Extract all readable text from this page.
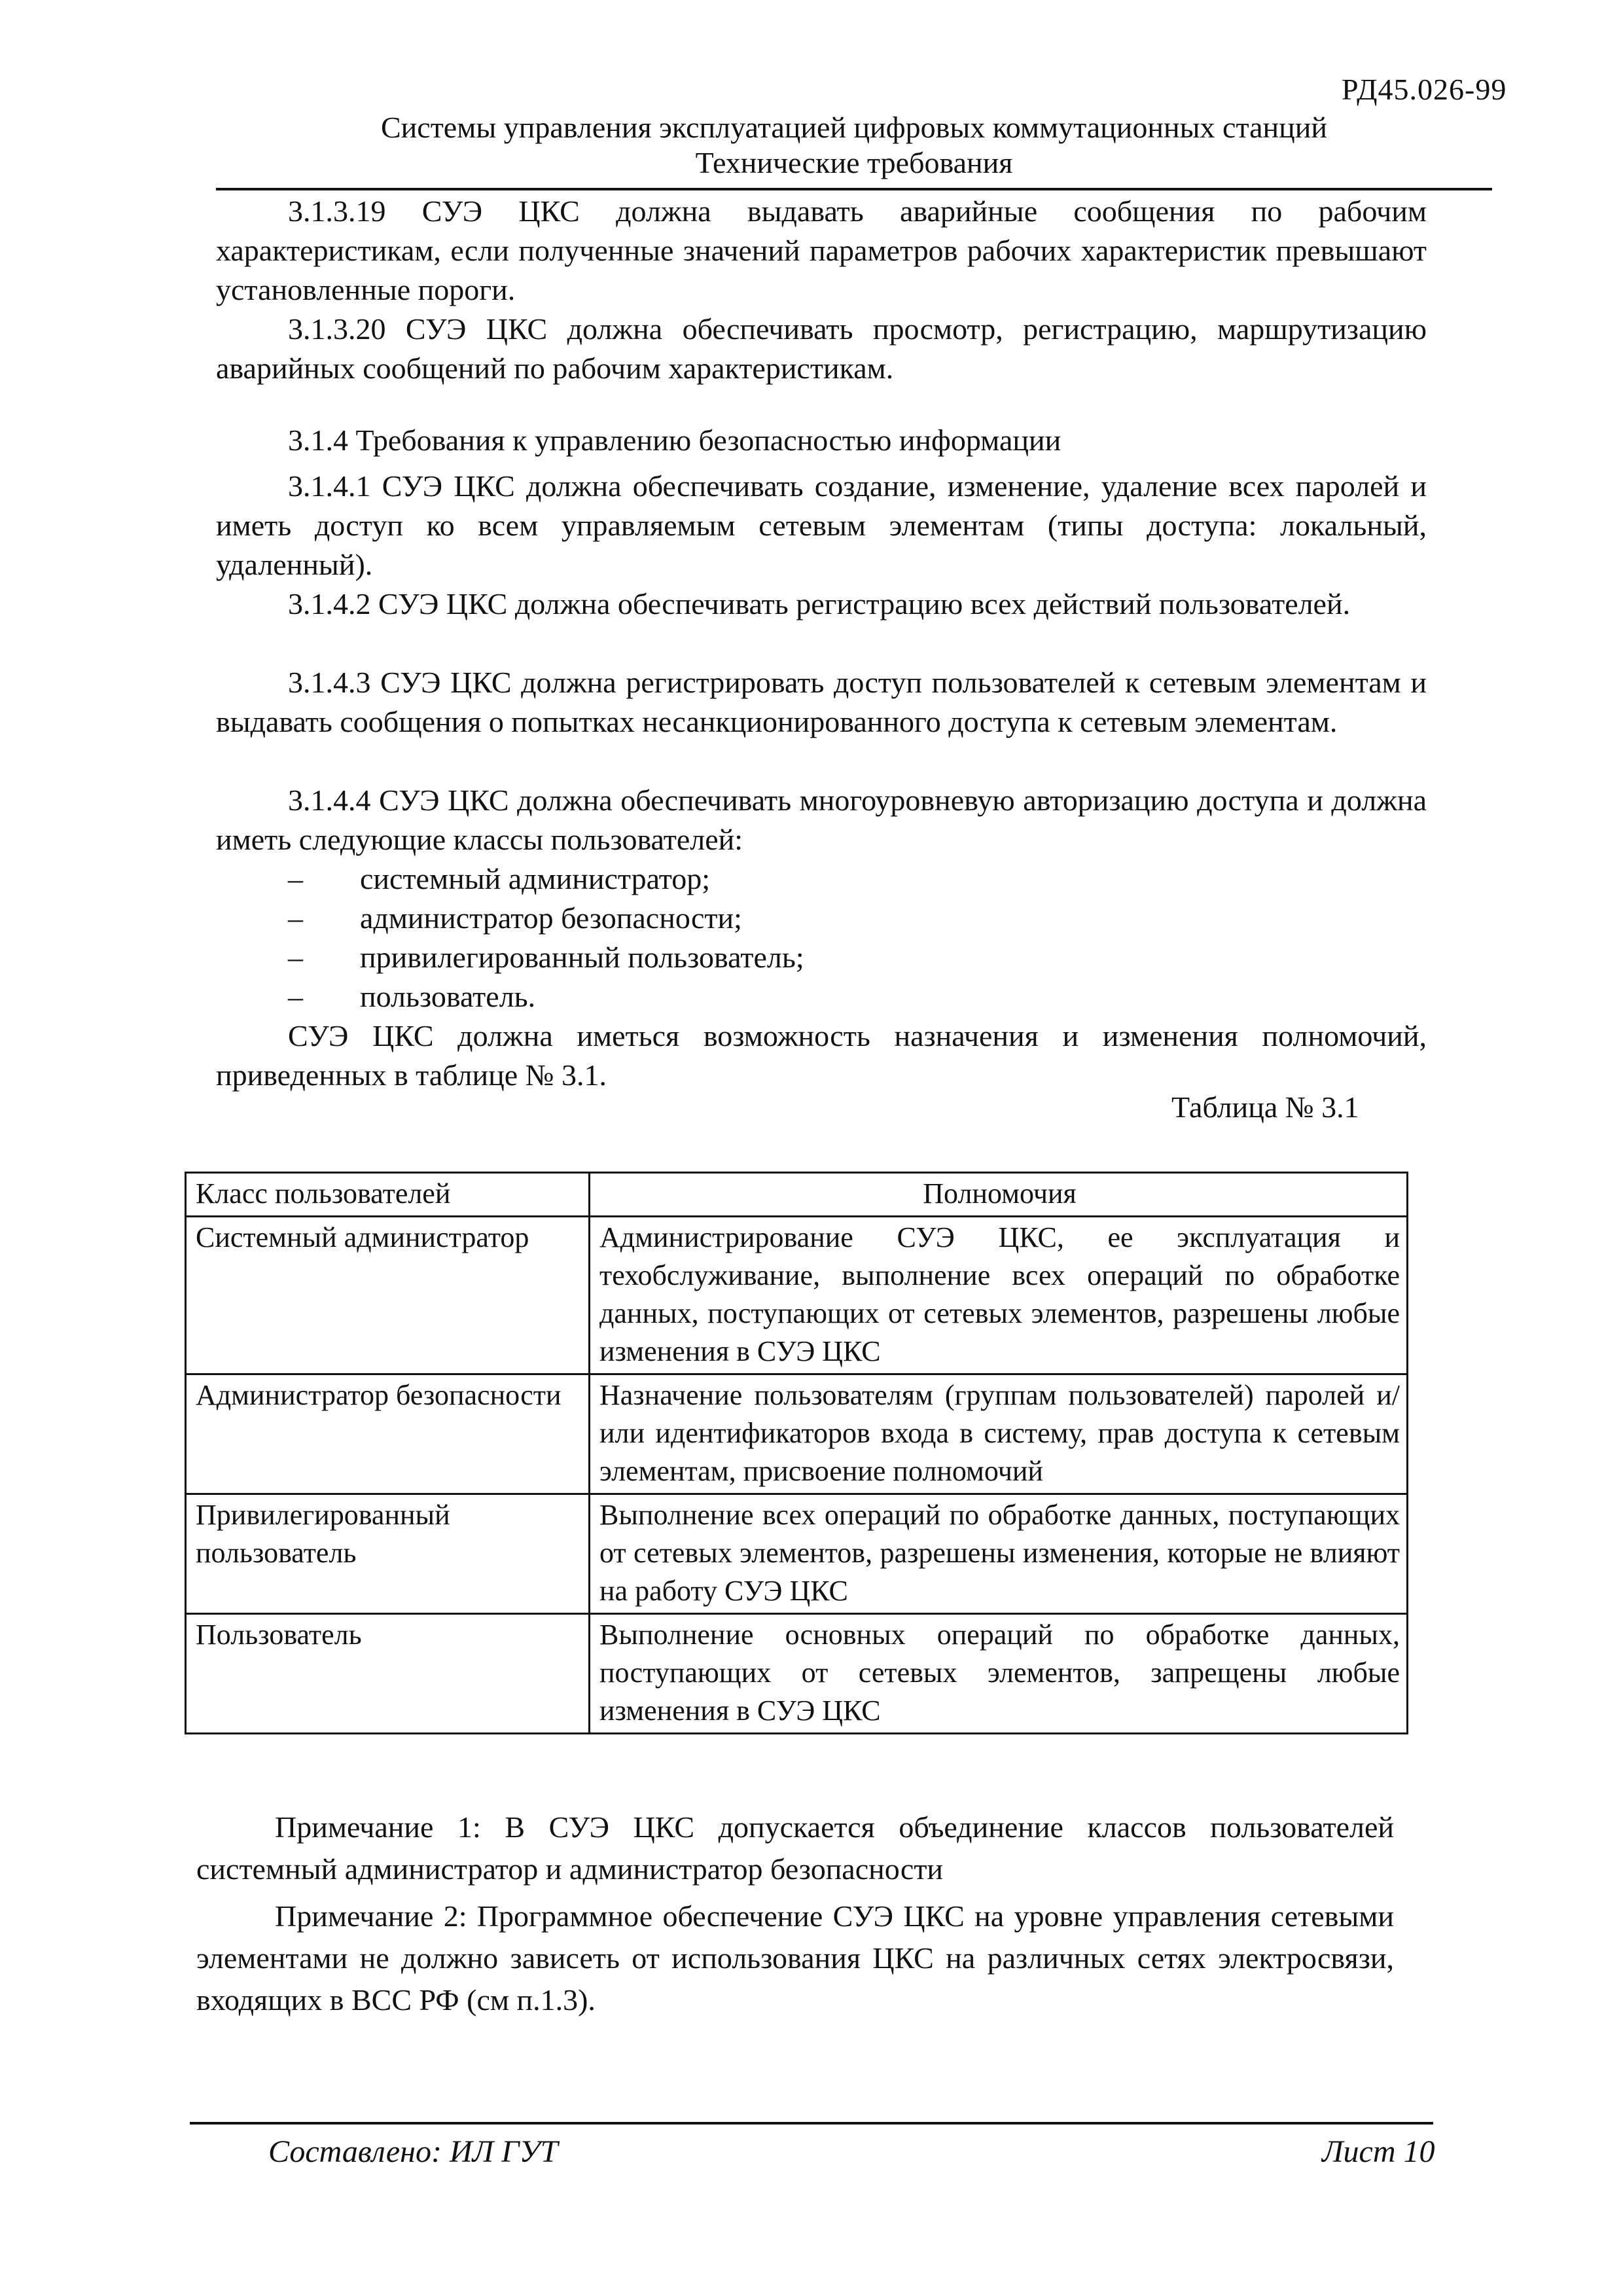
РД45.026-99
Системы управления эксплуатацией цифровых коммутационных станций
Технические требования
3.1.3.19 СУЭ ЦКС должна выдавать аварийные сообщения по рабочим характеристикам, если полученные значений параметров рабочих характеристик превышают установленные пороги.
3.1.3.20 СУЭ ЦКС должна обеспечивать просмотр, регистрацию, маршрутизацию аварийных сообщений по рабочим характеристикам.
3.1.4 Требования к управлению безопасностью информации
3.1.4.1 СУЭ ЦКС должна обеспечивать создание, изменение, удаление всех паролей и иметь доступ ко всем управляемым сетевым элементам (типы доступа: локальный, удаленный).
3.1.4.2 СУЭ ЦКС должна обеспечивать регистрацию всех действий пользователей.
3.1.4.3 СУЭ ЦКС должна регистрировать доступ пользователей к сетевым элементам и выдавать сообщения о попытках несанкционированного доступа к сетевым элементам.
3.1.4.4 СУЭ ЦКС должна обеспечивать многоуровневую авторизацию доступа и должна иметь следующие классы пользователей:
– системный администратор;
– администратор безопасности;
– привилегированный пользователь;
– пользователь.
СУЭ ЦКС должна иметься возможность назначения и изменения полномочий, приведенных в таблице № 3.1.
Таблица № 3.1
Класс пользователей	Полномочия
Системный администратор	Администрирование СУЭ ЦКС, ее эксплуатация и техобслуживание, выполнение всех операций по обработке данных, поступающих от сетевых элементов, разрешены любые изменения в СУЭ ЦКС
Администратор безопасности	Назначение пользователям (группам пользователей) паролей и/или идентификаторов входа в систему, прав доступа к сетевым элементам, присвоение полномочий
Привилегированный пользователь	Выполнение всех операций по обработке данных, поступающих от сетевых элементов, разрешены изменения, которые не влияют на работу СУЭ ЦКС
Пользователь	Выполнение основных операций по обработке данных, поступающих от сетевых элементов, запрещены любые изменения в СУЭ ЦКС
Примечание 1: В СУЭ ЦКС допускается объединение классов пользователей системный администратор и администратор безопасности
Примечание 2: Программное обеспечение СУЭ ЦКС на уровне управления сетевыми элементами не должно зависеть от использования ЦКС на различных сетях электросвязи, входящих в ВСС РФ (см п.1.3).
Составлено: ИЛ ГУТ	Лист 10
